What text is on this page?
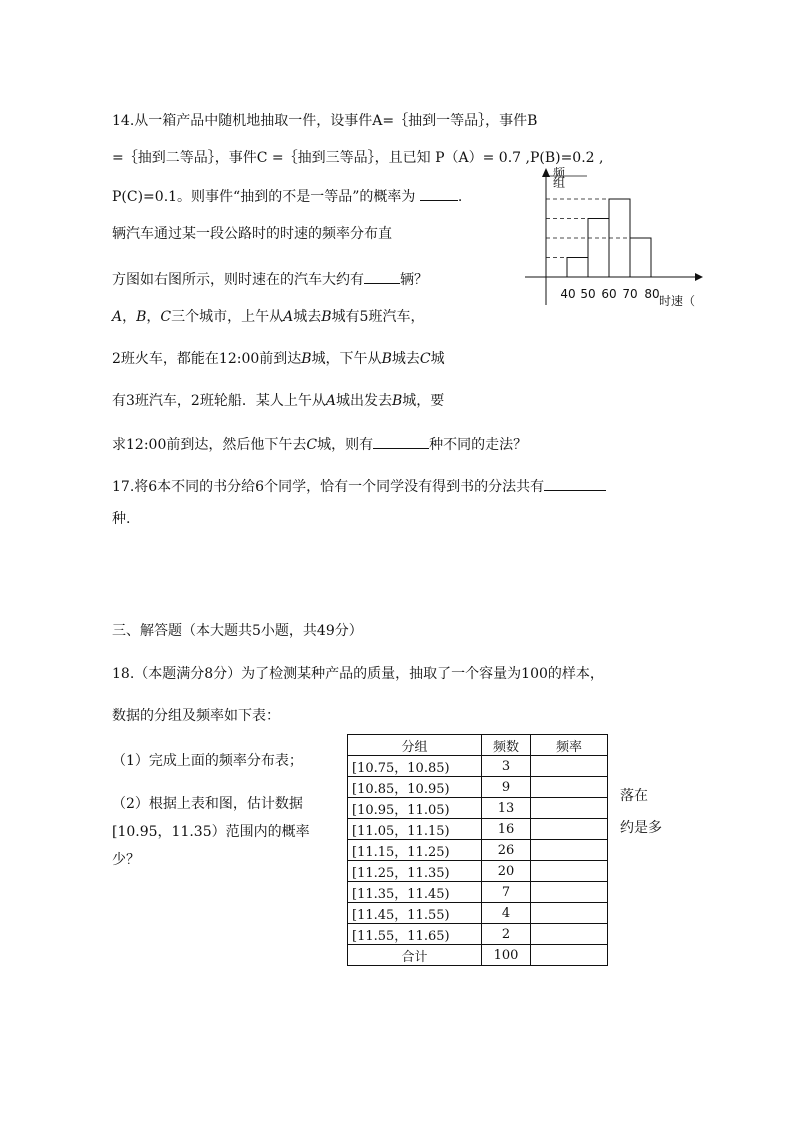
14.从一箱产品中随机地抽取一件，设事件A=｛抽到一等品｝，事件B
=｛抽到二等品｝，事件C =｛抽到三等品｝，且已知 P（A）= 0.7 ,P(B)=0.2 ,
P(C)=0.1。则事件“抽到的不是一等品”的概率为	.
辆汽车通过某一段公路时的时速的频率分布直
方图如右图所示，则时速在的汽车大约有	辆？
频
组
40 50 60 70 80 时速（
A，B，C三个城市，上午从A城去B城有5班汽车，
2班火车，都能在12:00前到达B城，下午从B城去C城
有3班汽车，2班轮船．某人上午从A城出发去B城，要
求12:00前到达，然后他下午去C城，则有	种不同的走法？
17.将6本不同的书分给6个同学，恰有一个同学没有得到书的分法共有
种.
三、解答题（本大题共5小题，共49分）
18.（本题满分8分）为了检测某种产品的质量，抽取了一个容量为100的样本，
数据的分组及频率如下表：
（1）完成上面的频率分布表；
（2）根据上表和图，估计数据
[10.95，11.35）范围内的概率
少？
落在
约是多
分组	频数	频率
[10.75，10.85)	3	
[10.85，10.95)	9	
[10.95，11.05)	13	
[11.05，11.15)	16	
[11.15，11.25)	26	
[11.25，11.35)	20	
[11.35，11.45)	7	
[11.45，11.55)	4	
[11.55，11.65)	2	
合计	100	
